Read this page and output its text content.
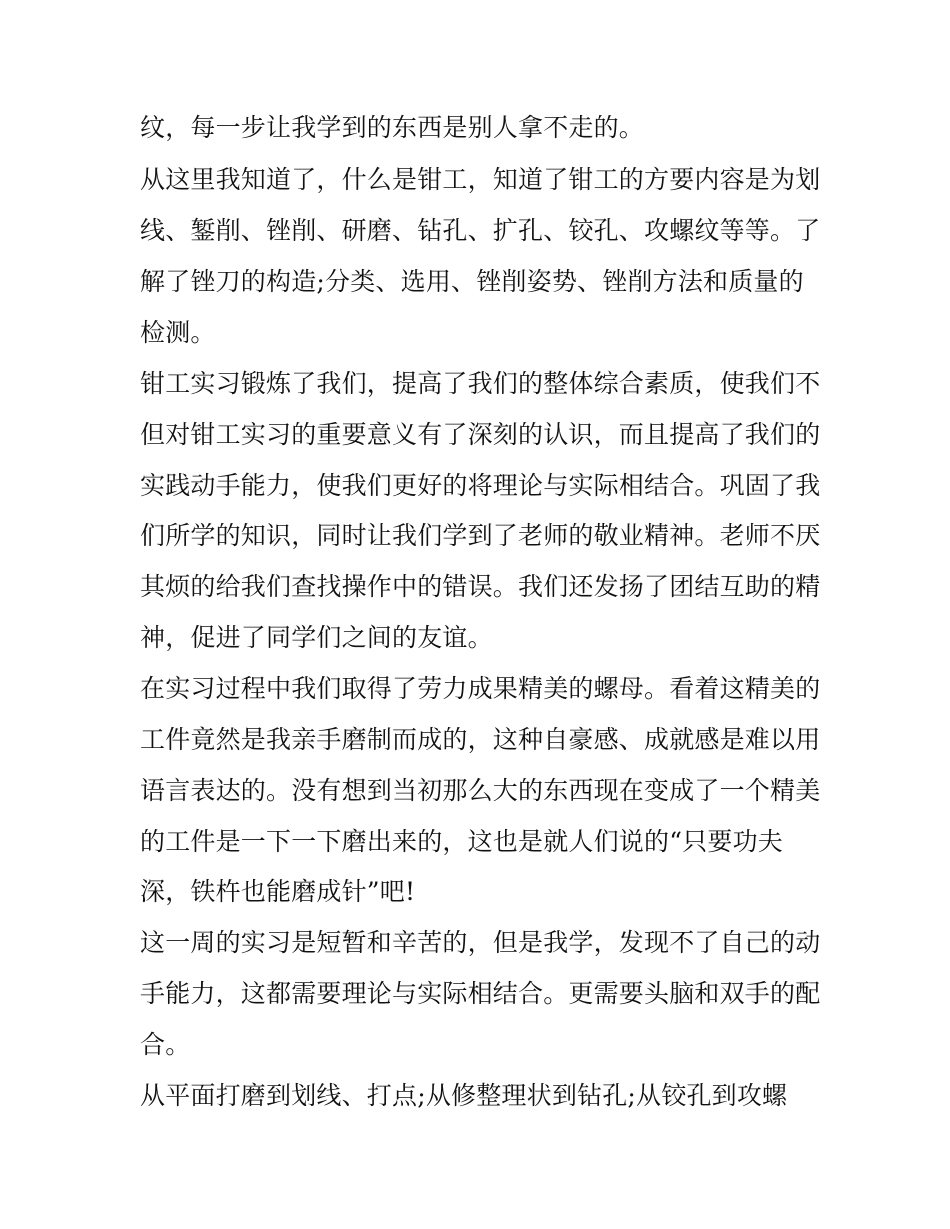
纹，每一步让我学到的东西是别人拿不走的。
从这里我知道了，什么是钳工，知道了钳工的方要内容是为划
线、錾削、锉削、研磨、钻孔、扩孔、铰孔、攻螺纹等等。了
解了锉刀的构造;分类、选用、锉削姿势、锉削方法和质量的
检测。
钳工实习锻炼了我们，提高了我们的整体综合素质，使我们不
但对钳工实习的重要意义有了深刻的认识，而且提高了我们的
实践动手能力，使我们更好的将理论与实际相结合。巩固了我
们所学的知识，同时让我们学到了老师的敬业精神。老师不厌
其烦的给我们查找操作中的错误。我们还发扬了团结互助的精
神，促进了同学们之间的友谊。
在实习过程中我们取得了劳力成果精美的螺母。看着这精美的
工件竟然是我亲手磨制而成的，这种自豪感、成就感是难以用
语言表达的。没有想到当初那么大的东西现在变成了一个精美
的工件是一下一下磨出来的，这也是就人们说的“只要功夫
深，铁杵也能磨成针”吧!
这一周的实习是短暂和辛苦的，但是我学，发现不了自己的动
手能力，这都需要理论与实际相结合。更需要头脑和双手的配
合。
从平面打磨到划线、打点;从修整理状到钻孔;从铰孔到攻螺
